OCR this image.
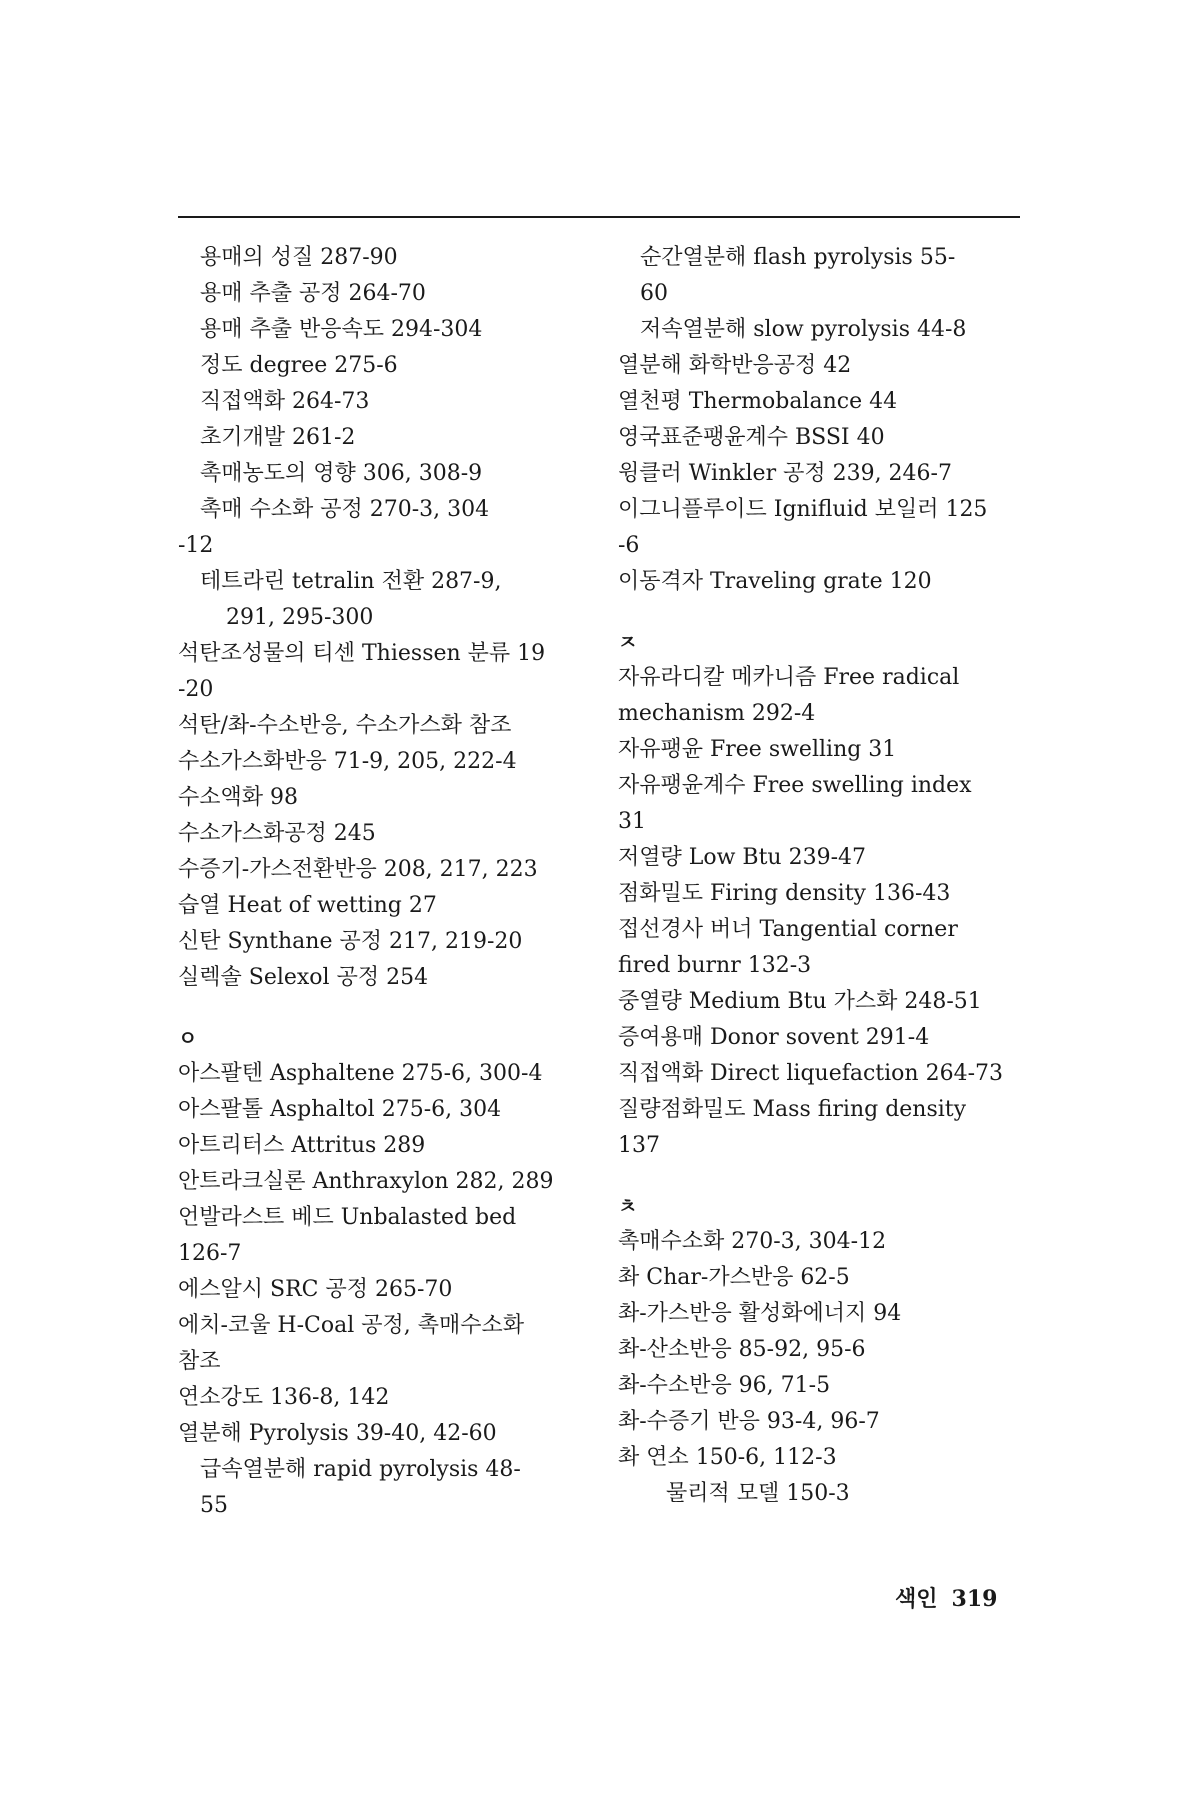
용매의 성질 287-90
용매 추출 공정 264-70
용매 추출 반응속도 294-304
정도 degree 275-6
직접액화 264-73
초기개발 261-2
촉매농도의 영향 306, 308-9
촉매 수소화 공정 270-3, 304
-12
테트라린 tetralin 전환 287-9,
291, 295-300
석탄조성물의 티센 Thiessen 분류 19
-20
석탄/촤-수소반응, 수소가스화 참조
수소가스화반응 71-9, 205, 222-4
수소액화 98
수소가스화공정 245
수증기-가스전환반응 208, 217, 223
습열 Heat of wetting 27
신탄 Synthane 공정 217, 219-20
실렉솔 Selexol 공정 254
ㅇ
아스팔텐 Asphaltene 275-6, 300-4
아스팔톨 Asphaltol 275-6, 304
아트리터스 Attritus 289
안트라크실론 Anthraxylon 282, 289
언발라스트 베드 Unbalasted bed
126-7
에스알시 SRC 공정 265-70
에치-코울 H-Coal 공정, 촉매수소화
참조
연소강도 136-8, 142
열분해 Pyrolysis 39-40, 42-60
급속열분해 rapid pyrolysis 48-
55
순간열분해 flash pyrolysis 55-
60
저속열분해 slow pyrolysis 44-8
열분해 화학반응공정 42
열천평 Thermobalance 44
영국표준팽윤계수 BSSI 40
윙클러 Winkler 공정 239, 246-7
이그니플루이드 Ignifluid 보일러 125
-6
이동격자 Traveling grate 120
ㅈ
자유라디칼 메카니즘 Free radical
mechanism 292-4
자유팽윤 Free swelling 31
자유팽윤계수 Free swelling index
31
저열량 Low Btu 239-47
점화밀도 Firing density 136-43
접선경사 버너 Tangential corner
fired burnr 132-3
중열량 Medium Btu 가스화 248-51
증여용매 Donor sovent 291-4
직접액화 Direct liquefaction 264-73
질량점화밀도 Mass firing density
137
ㅊ
촉매수소화 270-3, 304-12
촤 Char-가스반응 62-5
촤-가스반응 활성화에너지 94
촤-산소반응 85-92, 95-6
촤-수소반응 96, 71-5
촤-수증기 반응 93-4, 96-7
촤 연소 150-6, 112-3
물리적 모델 150-3
색인 319
